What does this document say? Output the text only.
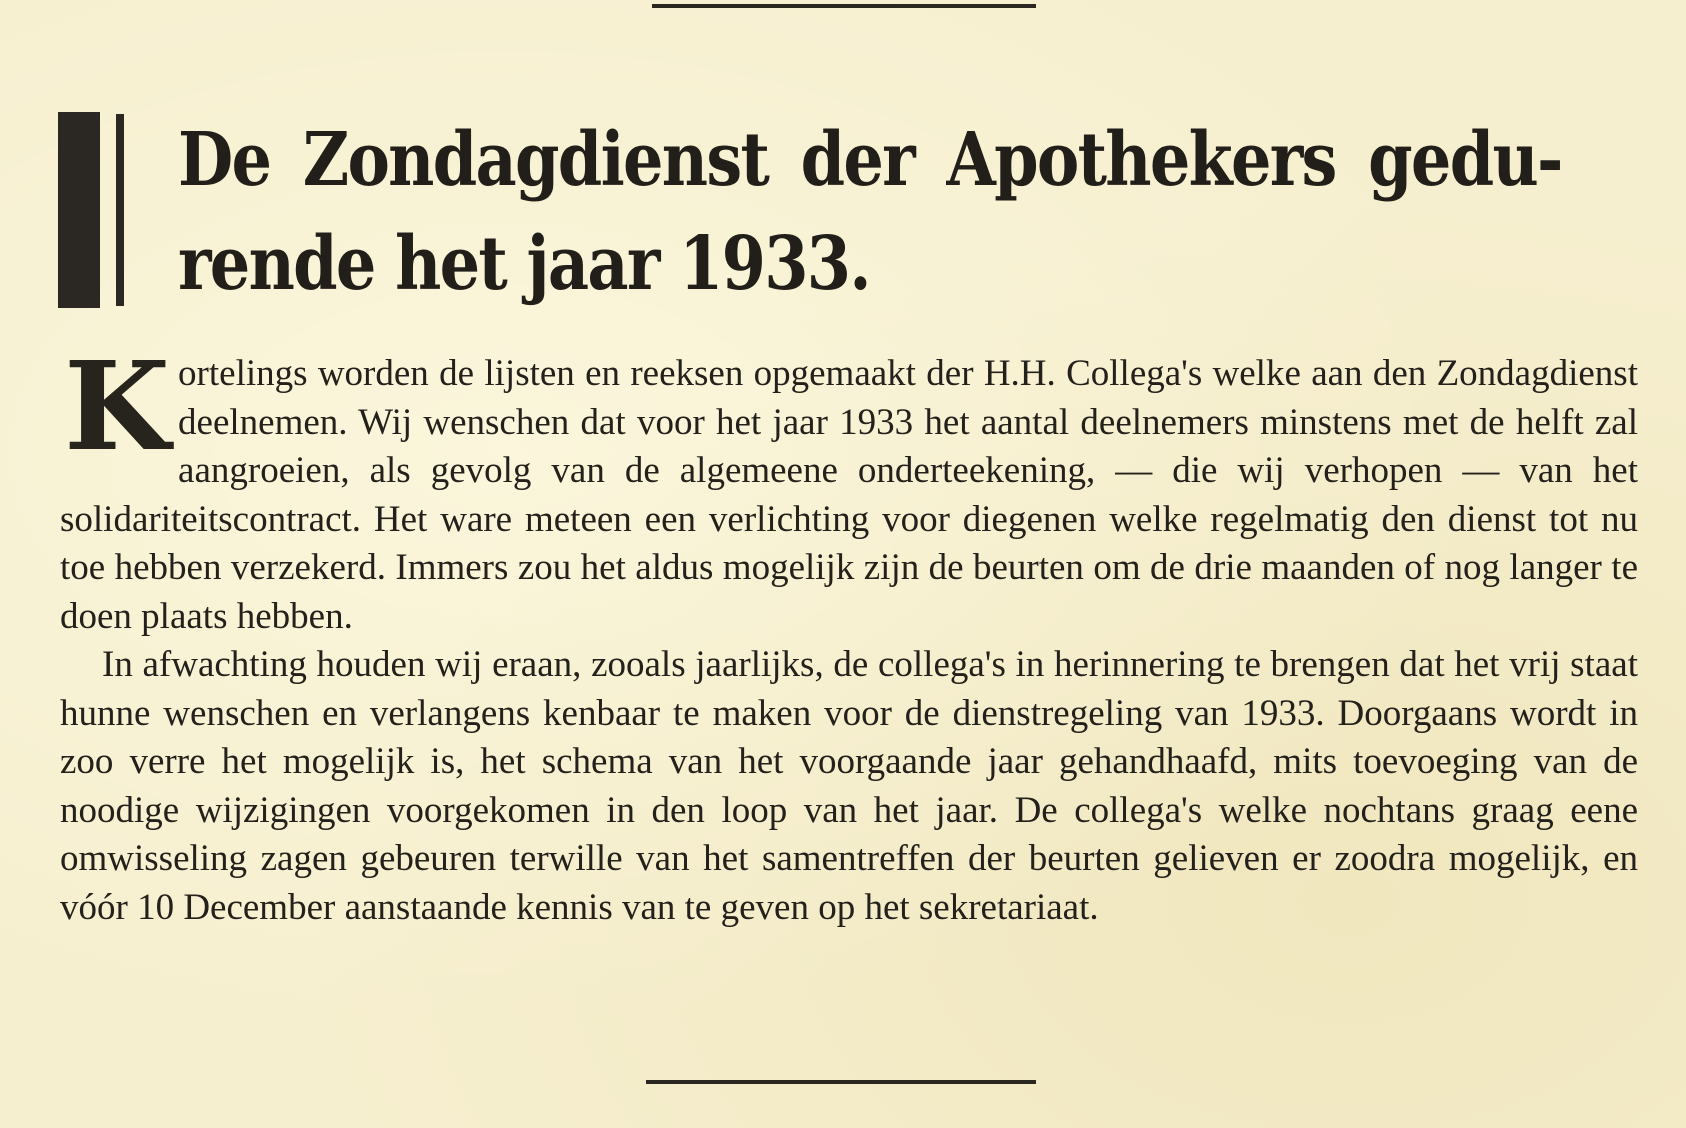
De Zondagdienst der Apothekers gedu-
rende het jaar 1933.

Kortelings worden de lijsten en reeksen opgemaakt der H.H. Collega's welke aan den Zondagdienst deelnemen. Wij wenschen dat voor het jaar 1933 het aantal deelnemers minstens met de helft zal aangroeien, als gevolg van de algemeene onderteekening, — die wij verhopen — van het solidariteitscontract. Het ware meteen een verlichting voor diegenen welke regelmatig den dienst tot nu toe hebben verzekerd. Immers zou het aldus mogelijk zijn de beurten om de drie maanden of nog langer te doen plaats hebben.

In afwachting houden wij eraan, zooals jaarlijks, de collega's in herinnering te brengen dat het vrij staat hunne wenschen en verlangens kenbaar te maken voor de dienstregeling van 1933. Doorgaans wordt in zoo verre het mogelijk is, het schema van het voorgaande jaar gehandhaafd, mits toevoeging van de noodige wijzigingen voorgekomen in den loop van het jaar. De collega's welke nochtans graag eene omwisseling zagen gebeuren terwille van het samentreffen der beurten gelieven er zoodra mogelijk, en vóór 10 December aanstaande kennis van te geven op het sekretariaat.
